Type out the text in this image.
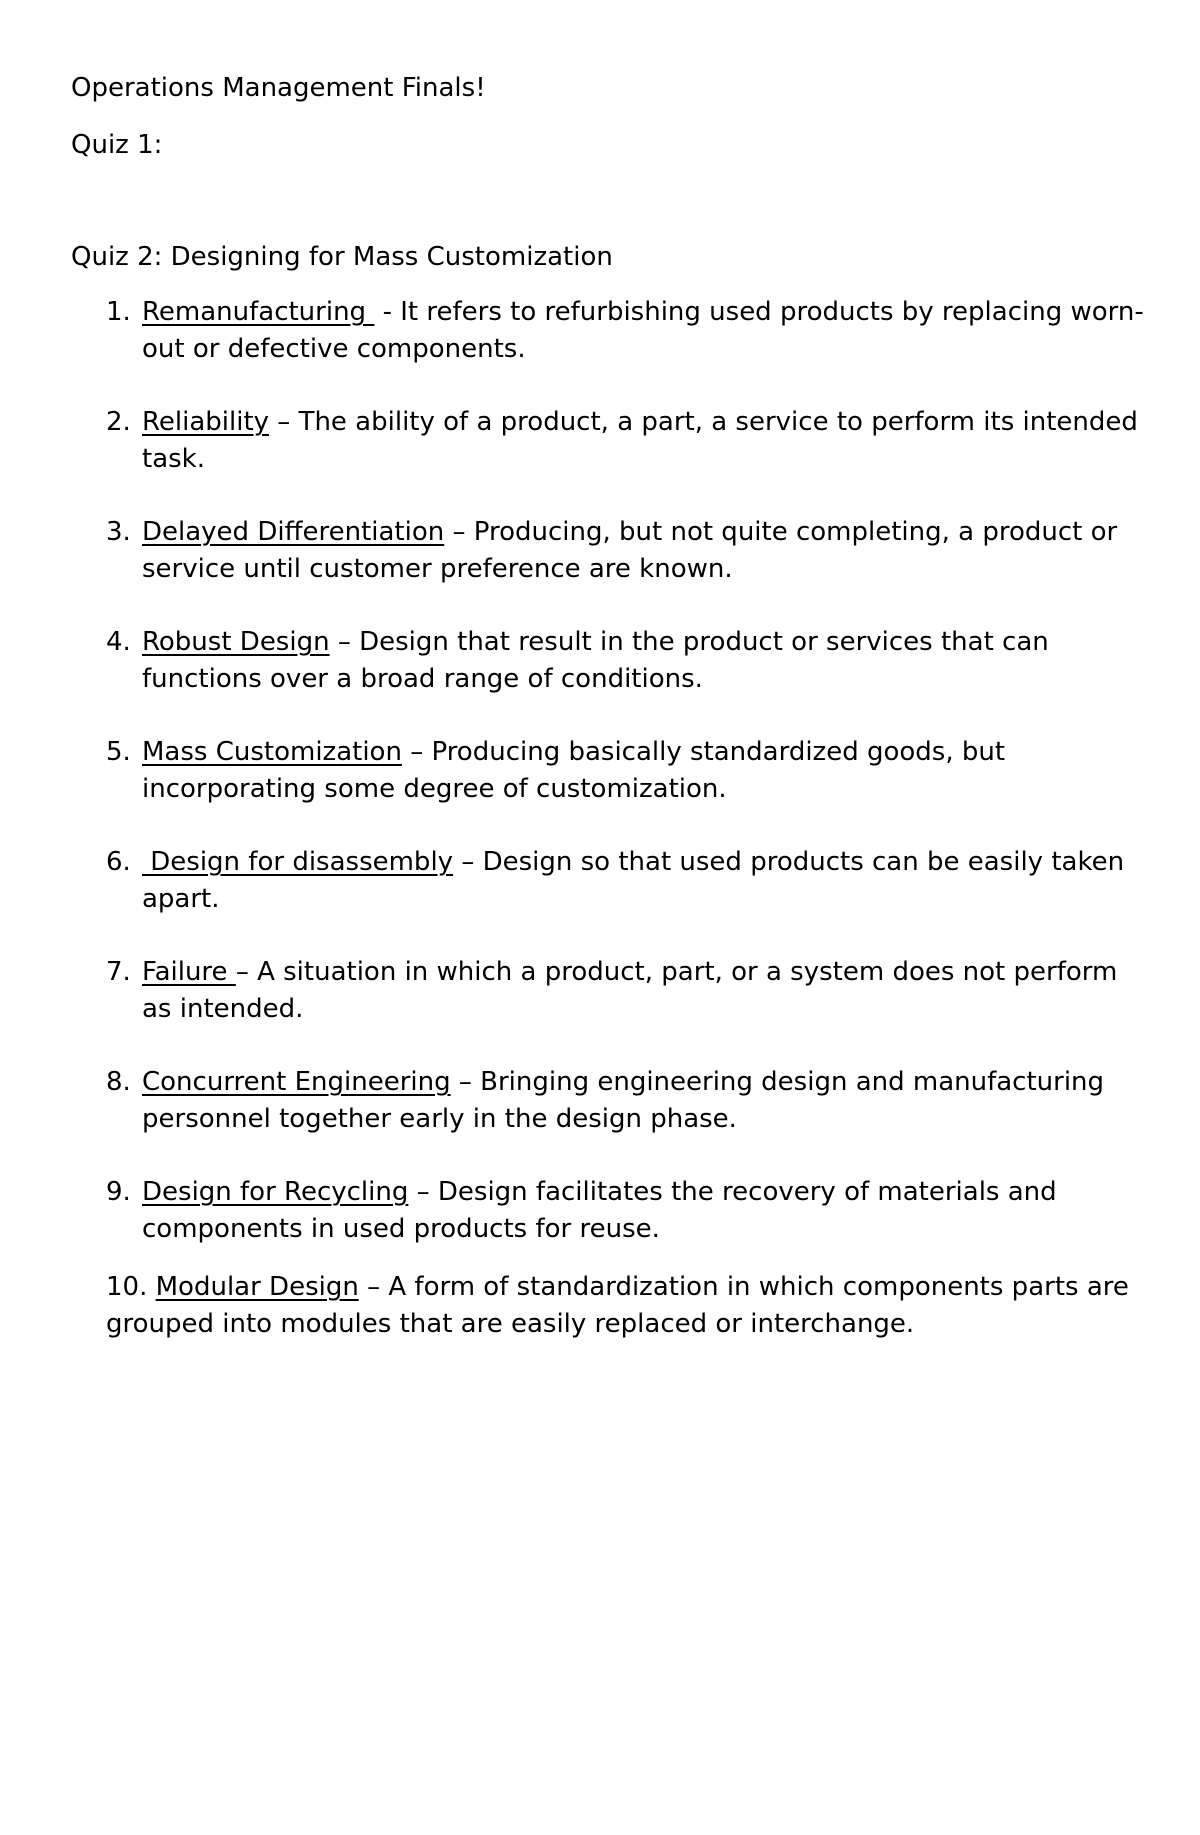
Operations Management Finals!

Quiz 1:

Quiz 2: Designing for Mass Customization

1. Remanufacturing  - It refers to refurbishing used products by replacing worn-out or defective components.
2. Reliability – The ability of a product, a part, a service to perform its intended task.
3. Delayed Differentiation – Producing, but not quite completing, a product or service until customer preference are known.
4. Robust Design – Design that result in the product or services that can functions over a broad range of conditions.
5. Mass Customization – Producing basically standardized goods, but incorporating some degree of customization.
6. Design for disassembly – Design so that used products can be easily taken apart.
7. Failure – A situation in which a product, part, or a system does not perform as intended.
8. Concurrent Engineering – Bringing engineering design and manufacturing personnel together early in the design phase.
9. Design for Recycling – Design facilitates the recovery of materials and components in used products for reuse.

10. Modular Design – A form of standardization in which components parts are grouped into modules that are easily replaced or interchange.
